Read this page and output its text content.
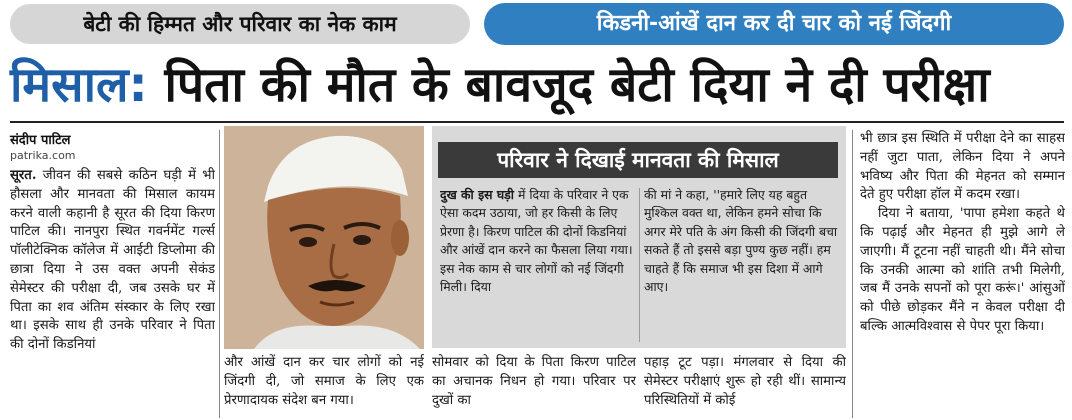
बेटी की हिम्मत और परिवार का नेक काम	किडनी-आंखें दान कर दी चार को नई जिंदगी
मिसाल: पिता की मौत के बावजूद बेटी दिया ने दी परीक्षा
संदीप पाटिल
patrika.com
सूरत. जीवन की सबसे कठिन घड़ी में भी हौसला और मानवता की मिसाल कायम करने वाली कहानी है सूरत की दिया किरण पाटिल की। नानपुरा स्थित गवर्नमेंट गर्ल्स पॉलीटेक्निक कॉलेज में आईटी डिप्लोमा की छात्रा दिया ने उस वक्त अपनी सेकंड सेमेस्टर की परीक्षा दी, जब उसके घर में पिता का शव अंतिम संस्कार के लिए रखा था। इसके साथ ही उनके परिवार ने पिता की दोनों किडनियां
और आंखें दान कर चार लोगों को नई जिंदगी दी, जो समाज के लिए एक प्रेरणादायक संदेश बन गया।
परिवार ने दिखाई मानवता की मिसाल
दुख की इस घड़ी में दिया के परिवार ने एक ऐसा कदम उठाया, जो हर किसी के लिए प्रेरणा है। किरण पाटिल की दोनों किडनियां और आंखें दान करने का फैसला लिया गया। इस नेक काम से चार लोगों को नई जिंदगी मिली। दिया
की मां ने कहा, ''हमारे लिए यह बहुत मुश्किल वक्त था, लेकिन हमने सोचा कि अगर मेरे पति के अंग किसी की जिंदगी बचा सकते हैं तो इससे बड़ा पुण्य कुछ नहीं। हम चाहते हैं कि समाज भी इस दिशा में आगे आए।
सोमवार को दिया के पिता किरण पाटिल का अचानक निधन हो गया। परिवार पर दुखों का
पहाड़ टूट पड़ा। मंगलवार से दिया की सेमेस्टर परीक्षाएं शुरू हो रही थीं। सामान्य परिस्थितियों में कोई
भी छात्र इस स्थिति में परीक्षा देने का साहस नहीं जुटा पाता, लेकिन दिया ने अपने भविष्य और पिता की मेहनत को सम्मान देते हुए परीक्षा हॉल में कदम रखा।
दिया ने बताया, 'पापा हमेशा कहते थे कि पढ़ाई और मेहनत ही मुझे आगे ले जाएगी। मैं टूटना नहीं चाहती थी। मैंने सोचा कि उनकी आत्मा को शांति तभी मिलेगी, जब मैं उनके सपनों को पूरा करूं।' आंसुओं को पीछे छोड़कर मैंने न केवल परीक्षा दी बल्कि आत्मविश्वास से पेपर पूरा किया।
